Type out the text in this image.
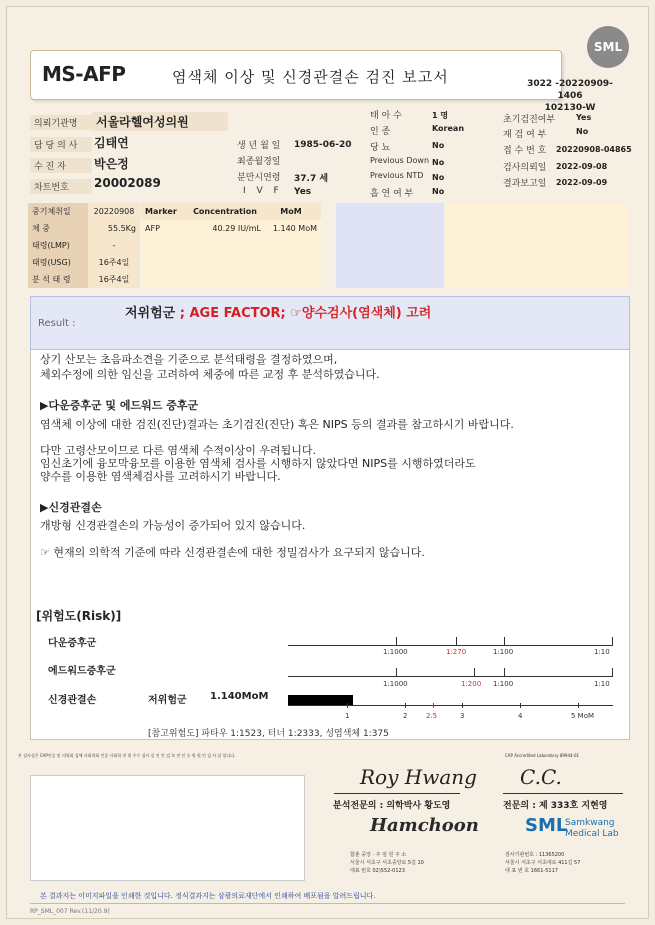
MS-AFP	염색체 이상 및 신경관결손 검진 보고서	3022 -20220909-1406
102130-W
SML
의뢰기관명	서울라헬여성의원
담 당 의 사	김태연
수 진 자	박은정
차트번호	20002089
생 년 월 일 1985-06-20
최종월경일
분만시연령 37.7 세
I V F Yes
태 아 수	1 명
인 종	Korean
당 뇨	No
Previous Down No
Previous NTD No
흡 연 여 부 No
초기검진여부	Yes
재 검 여 부	No
접 수 번 호 20220908-04865
검사의뢰일 2022-09-08
결과보고일 2022-09-09
중기체취일	20220908	Marker	Concentration	MoM
체 중	55.5Kg	AFP	40.29 IU/mL	1.140 MoM
태령(LMP)	-
태령(USG)	16주4일
분 석 태 령	16주4일
Result :
저위험군 ; AGE FACTOR; ☞양수검사(염색체) 고려
상기 산모는 초음파소견을 기준으로 분석태령을 결정하였으며,
체외수정에 의한 임신을 고려하여 체중에 따른 교정 후 분석하였습니다.
▶다운증후군 및 에드워드 증후군
염색체 이상에 대한 검진(진단)결과는 초기검진(진단) 혹은 NIPS 등의 결과를 참고하시기 바랍니다.
다만 고령산모이므로 다른 염색체 수적이상이 우려됩니다.
임신초기에 융모막융모를 이용한 염색체 검사를 시행하지 않았다면 NIPS를 시행하였더라도
양수를 이용한 염색체검사를 고려하시기 바랍니다.
▶신경관결손
개방형 신경관결손의 가능성이 증가되어 있지 않습니다.
☞ 현재의 의학적 기준에 따라 신경관결손에 대한 정밀검사가 요구되지 않습니다.
[위험도(Risk)]
다운증후군
에드워드증후군
신경관결손	저위험군 1.140MoM
1:1000	1:270	1:100	1:10
1:1000	1:200 1:100	1:10
1	2	2.5	3	4	5 MoM
[참고위험도] 파타우 1:1523, 터너 1:2333, 성염색체 1:375
본 검사실은 CAP인증 및 의학회 검체 사회학회 인증 사회학 전 위 주수 검사 실 인 인 검 보 전 인 등 원 원 인 검 사 실 입니다.	CAP Accredited Laboratory 89944-01
Roy Hwang
분석전문의 : 의학박사 황도영
C.C.
전문의 : 제 333호 지현영
Hamchoon	SML
Samkwang
Medical Lab
함춘 중앙 · 주 임 원 주 소
서울시 서초구 서초중앙로 5길 10
대표 번호 02)552-0123
검사기관번호 : 11365200
서울시 서초구 서초대로 411길 57
대 표 번 호 1661-5117
본 결과지는 이미지파일을 인쇄한 것입니다. 정식결과지는 삼광의료재단에서 인쇄하여 배포됨을 알려드립니다.
RP_SML_007 Rev.(11/20.9)
